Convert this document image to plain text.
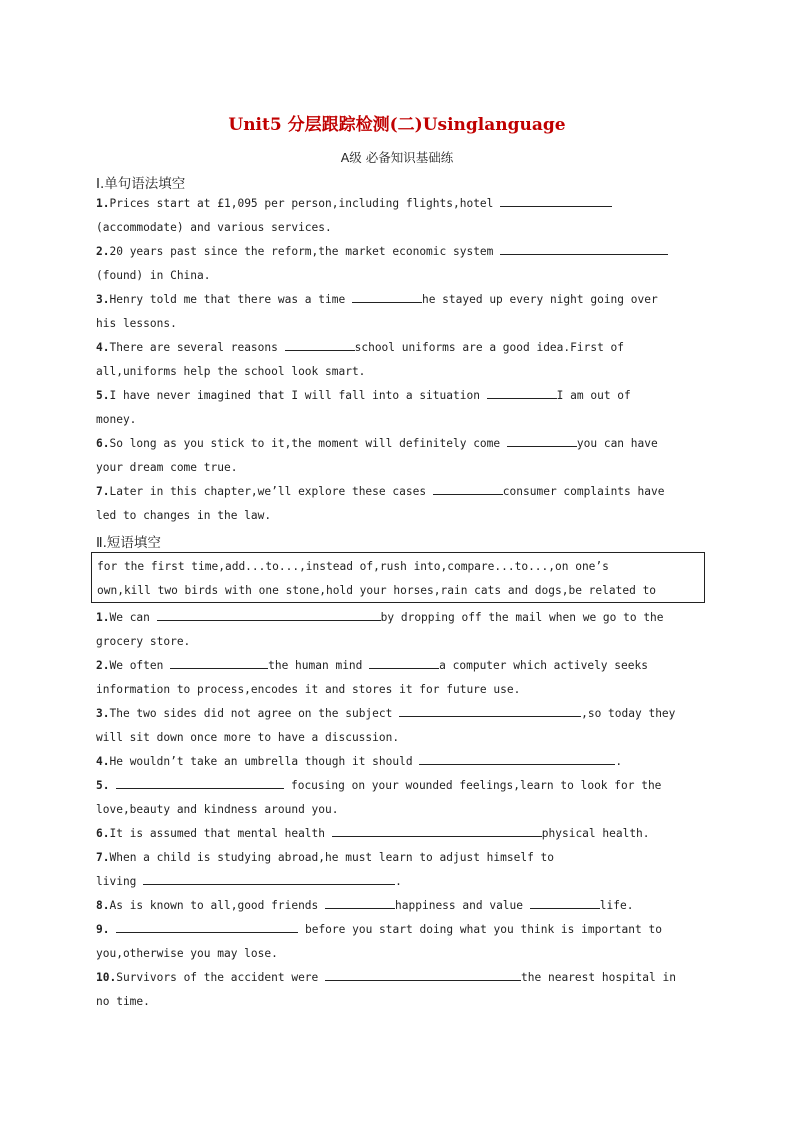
Unit5 分层跟踪检测(二)Usinglanguage
A级 必备知识基础练
Ⅰ.单句语法填空
1.Prices start at £1,095 per person,including flights,hotel
(accommodate) and various services.
2.20 years past since the reform,the market economic system
(found) in China.
3.Henry told me that there was a time	he stayed up every night going over
his lessons.
4.There are several reasons	school uniforms are a good idea.First of
all,uniforms help the school look smart.
5.I have never imagined that I will fall into a situation	I am out of
money.
6.So long as you stick to it,the moment will definitely come	you can have
your dream come true.
7.Later in this chapter,we’ll explore these cases	consumer complaints have
led to changes in the law.
Ⅱ.短语填空
for the first time,add...to...,instead of,rush into,compare...to...,on one’s
own,kill two birds with one stone,hold your horses,rain cats and dogs,be related to
1.We can	by dropping off the mail when we go to the
grocery store.
2.We often	the human mind	a computer which actively seeks
information to process,encodes it and stores it for future use.
3.The two sides did not agree on the subject	,so today they
will sit down once more to have a discussion.
4.He wouldn’t take an umbrella though it should	.
5.	focusing on your wounded feelings,learn to look for the
love,beauty and kindness around you.
6.It is assumed that mental health	physical health.
7.When a child is studying abroad,he must learn to adjust himself to
living	.
8.As is known to all,good friends	happiness and value	life.
9.	before you start doing what you think is important to
you,otherwise you may lose.
10.Survivors of the accident were	the nearest hospital in
no time.
